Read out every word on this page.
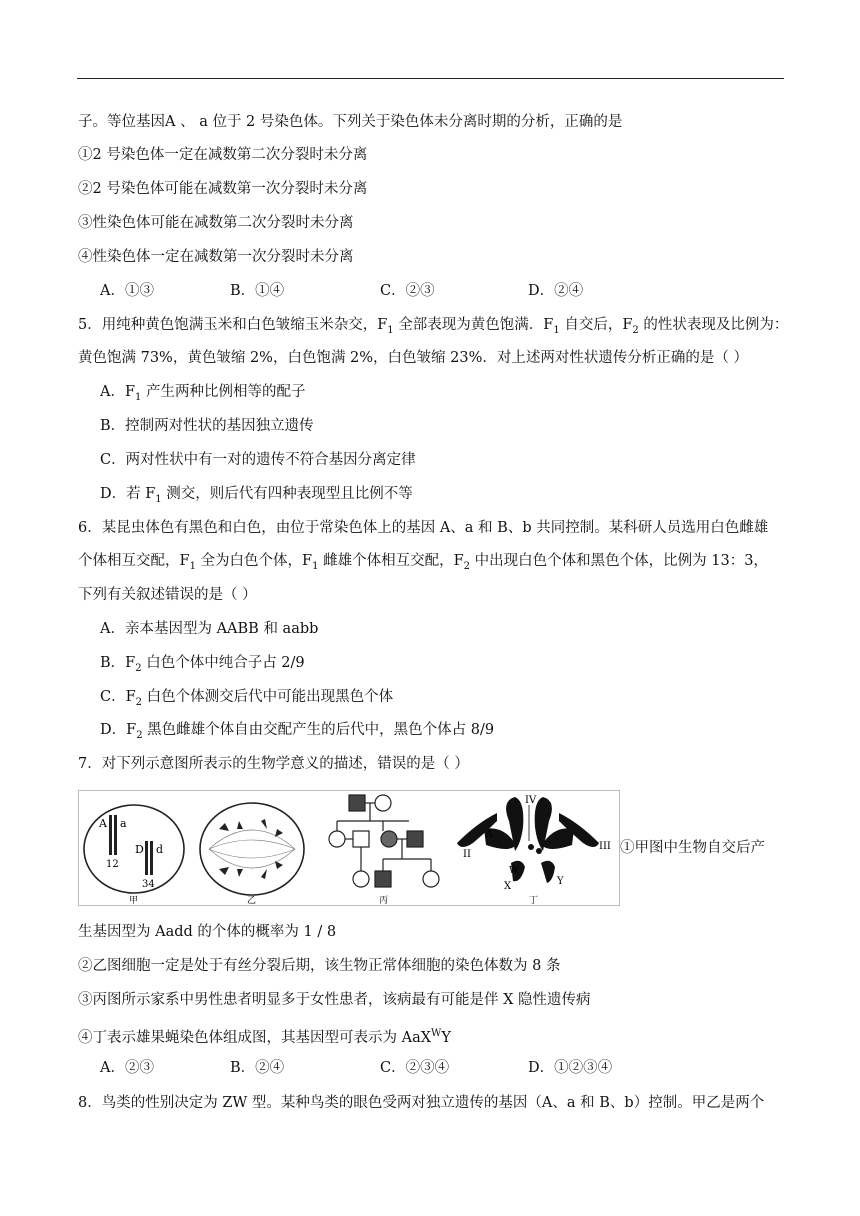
子。等位基因A 、 a 位于 2 号染色体。下列关于染色体未分离时期的分析，正确的是
①2 号染色体一定在减数第二次分裂时未分离
②2 号染色体可能在减数第一次分裂时未分离
③性染色体可能在减数第二次分裂时未分离
④性染色体一定在减数第一次分裂时未分离
A．①③	B．①④	C．②③	D．②④
5．用纯种黄色饱满玉米和白色皱缩玉米杂交，$F_1$ 全部表现为黄色饱满．$F_1$ 自交后，$F_2$ 的性状表现及比例为：
黄色饱满 73%，黄色皱缩 2%，白色饱满 2%，白色皱缩 23%．对上述两对性状遗传分析正确的是（ ）
A．$F_1$ 产生两种比例相等的配子
B．控制两对性状的基因独立遗传
C．两对性状中有一对的遗传不符合基因分离定律
D．若 $F_1$ 测交，则后代有四种表现型且比例不等
6．某昆虫体色有黑色和白色，由位于常染色体上的基因 A、a 和 B、b 共同控制。某科研人员选用白色雌雄
个体相互交配，$F_1$ 全为白色个体，$F_1$ 雌雄个体相互交配，$F_2$ 中出现白色个体和黑色个体，比例为 13：3，
下列有关叙述错误的是（ ）
A．亲本基因型为 AABB 和 aabb
B．$F_2$ 白色个体中纯合子占 2/9
C．$F_2$ 白色个体测交后代中可能出现黑色个体
D．$F_2$ 黑色雌雄个体自由交配产生的后代中，黑色个体占 8/9
7．对下列示意图所表示的生物学意义的描述，错误的是（ ）
A a
12
D d
34
甲	乙	丙
IV
II
III
A
W
X	Y
丁
①甲图中生物自交后产
生基因型为 Aadd 的个体的概率为 1 / 8
②乙图细胞一定是处于有丝分裂后期，该生物正常体细胞的染色体数为 8 条
③丙图所示家系中男性患者明显多于女性患者，该病最有可能是伴 X 隐性遗传病
④丁表示雄果蝇染色体组成图，其基因型可表示为 AaX$^W$Y
A．②③	B．②④	C．②③④	D．①②③④
8．鸟类的性别决定为 ZW 型。某种鸟类的眼色受两对独立遗传的基因（A、a 和 B、b）控制。甲乙是两个
